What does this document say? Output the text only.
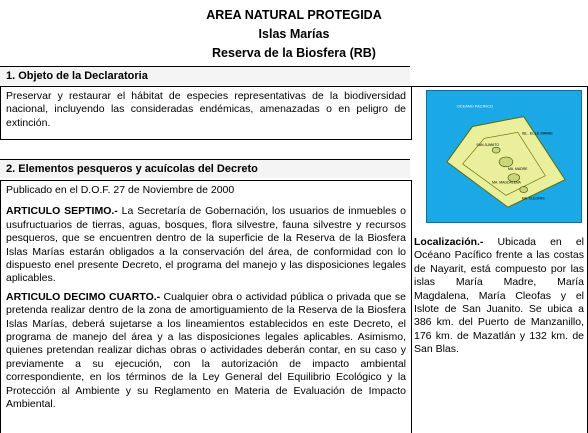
AREA NATURAL PROTEGIDA
Islas Marías
Reserva de la Biosfera (RB)
1. Objeto de la Declaratoria

Preservar y restaurar el hábitat de especies representativas de la biodiversidad nacional, incluyendo las consideradas endémicas, amenazadas o en peligro de extinción.

2. Elementos pesqueros y acuícolas del Decreto

Publicado en el D.O.F. 27 de Noviembre de 2000

ARTICULO SEPTIMO.- La Secretaría de Gobernación, los usuarios de inmuebles o usufructuarios de tierras, aguas, bosques, flora silvestre, fauna silvestre y recursos pesqueros, que se encuentren dentro de la superficie de la Reserva de la Biosfera Islas Marías estarán obligados a la conservación del área, de conformidad con lo dispuesto enel presente Decreto, el programa del manejo y las disposiciones legales aplicables.

ARTICULO DECIMO CUARTO.- Cualquier obra o actividad pública o privada que se pretenda realizar dentro de la zona de amortiguamiento de la Reserva de la Biosfera Islas Marías, deberá sujetarse a los lineamientos establecidos en este Decreto, el programa de manejo del área y a las disposiciones legales aplicables. Asimismo, quienes pretendan realizar dichas obras o actividades deberán contar, en su caso y previamente a su ejecución, con la autorización de impacto ambiental correspondiente, en los términos de la Ley General del Equilibrio Ecológico y la Protección al Ambiente y su Reglamento en Materia de Evaluación de Impacto Ambiental.

OCEANO PACIFICO
ISL. ELLE MARIE
SAN JUANITO
MA. MADRE
MA. MAGDALENA
MA. CLEOFAS
Localización.- Ubicada en el Océano Pacífico frente a las costas de Nayarit, está compuesto por las islas María Madre, María Magdalena, María Cleofas y el Islote de San Juanito. Se ubica a 386 km. del Puerto de Manzanillo, 176 km. de Mazatlán y 132 km. de San Blas.
